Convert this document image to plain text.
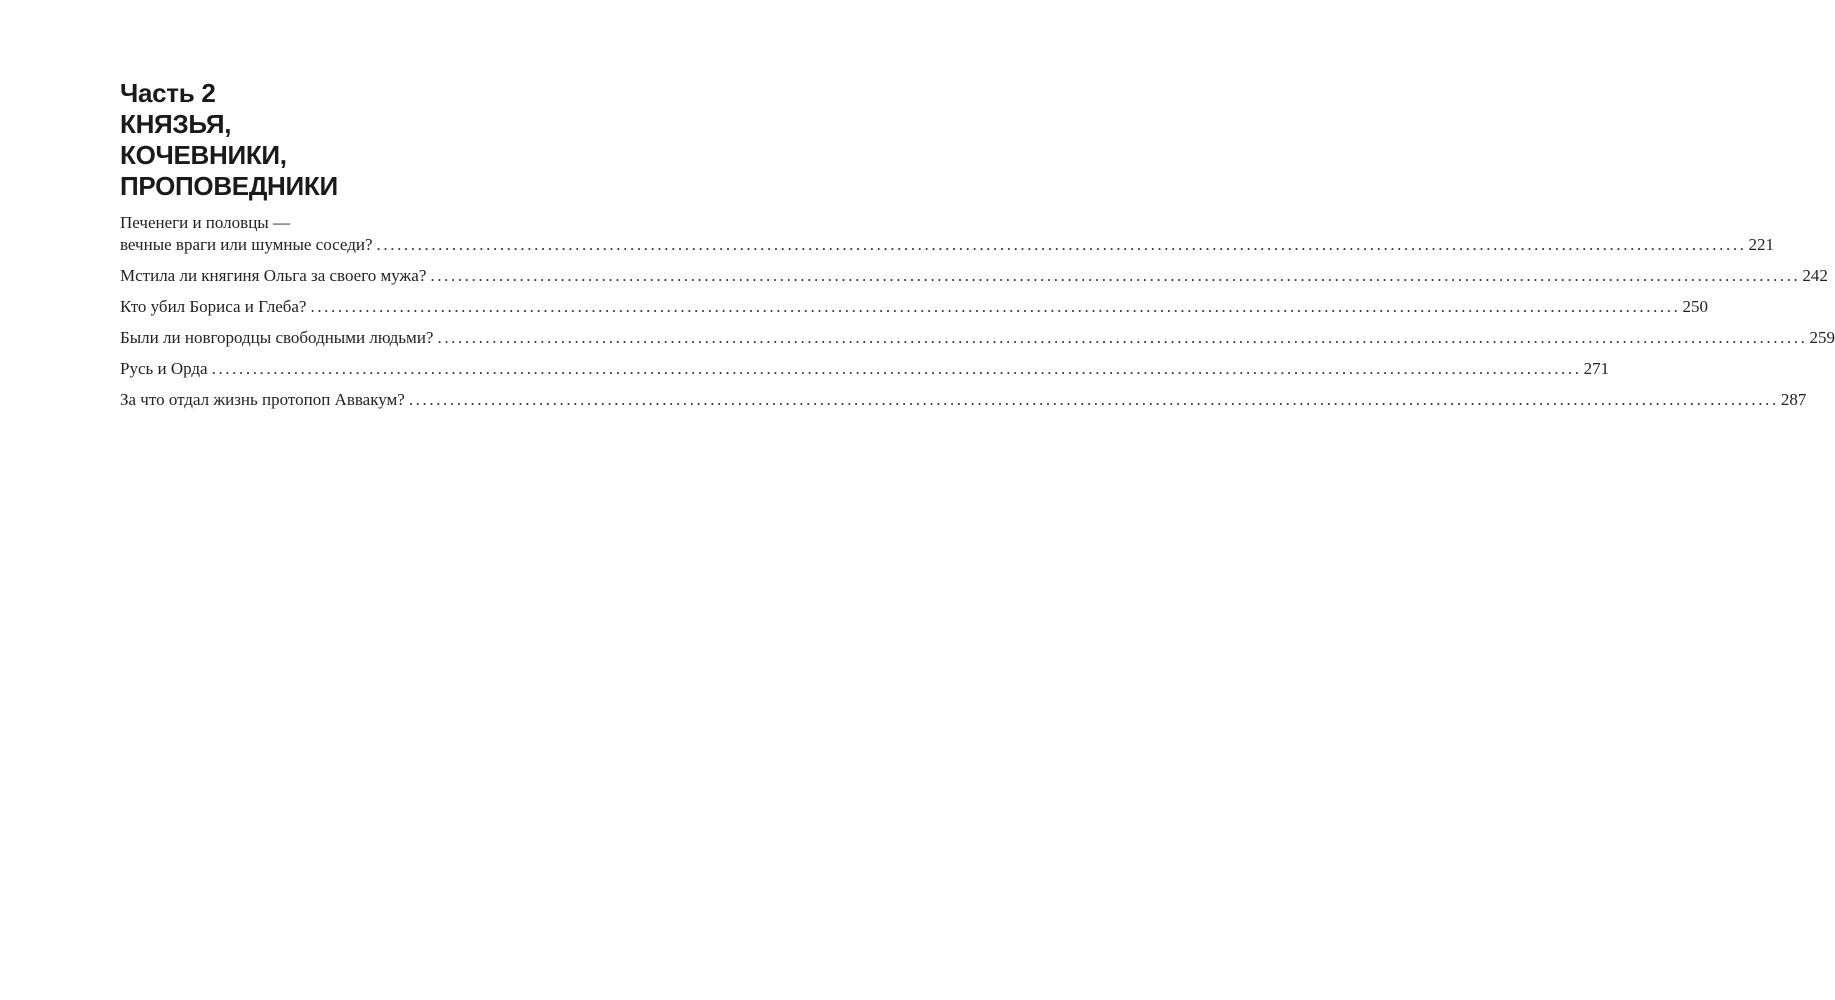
Часть 2
КНЯЗЬЯ,
КОЧЕВНИКИ,
ПРОПОВЕДНИКИ
Печенеги и половцы —
вечные враги или шумные соседи? ........................................................................................................................................................................................................ 221
Мстила ли княгиня Ольга за своего мужа? ........................................................................................................................................................................................................ 242
Кто убил Бориса и Глеба? ........................................................................................................................................................................................................ 250
Были ли новгородцы свободными людьми? ........................................................................................................................................................................................................ 259
Русь и Орда ........................................................................................................................................................................................................ 271
За что отдал жизнь протопоп Аввакум? ........................................................................................................................................................................................................ 287
